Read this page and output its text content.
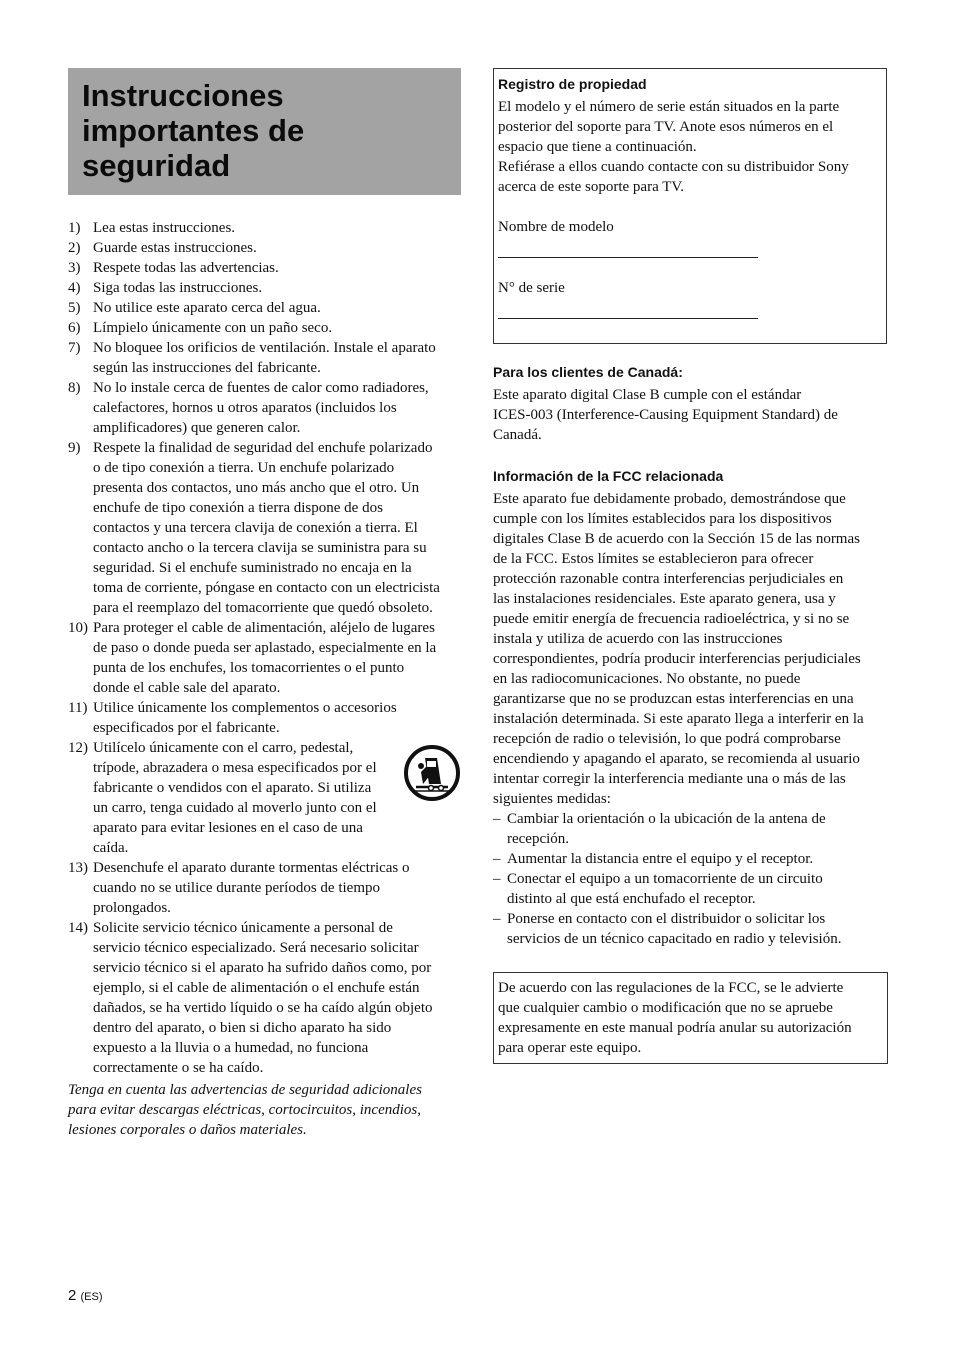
Instrucciones
importantes de
seguridad
1) Lea estas instrucciones.
2) Guarde estas instrucciones.
3) Respete todas las advertencias.
4) Siga todas las instrucciones.
5) No utilice este aparato cerca del agua.
6) Límpielo únicamente con un paño seco.
7) No bloquee los orificios de ventilación. Instale el aparato
según las instrucciones del fabricante.
8) No lo instale cerca de fuentes de calor como radiadores,
calefactores, hornos u otros aparatos (incluidos los
amplificadores) que generen calor.
9) Respete la finalidad de seguridad del enchufe polarizado
o de tipo conexión a tierra. Un enchufe polarizado
presenta dos contactos, uno más ancho que el otro. Un
enchufe de tipo conexión a tierra dispone de dos
contactos y una tercera clavija de conexión a tierra. El
contacto ancho o la tercera clavija se suministra para su
seguridad. Si el enchufe suministrado no encaja en la
toma de corriente, póngase en contacto con un electricista
para el reemplazo del tomacorriente que quedó obsoleto.
10) Para proteger el cable de alimentación, aléjelo de lugares
de paso o donde pueda ser aplastado, especialmente en la
punta de los enchufes, los tomacorrientes o el punto
donde el cable sale del aparato.
11) Utilice únicamente los complementos o accesorios
especificados por el fabricante.
12) Utilícelo únicamente con el carro, pedestal,
trípode, abrazadera o mesa especificados por el
fabricante o vendidos con el aparato. Si utiliza
un carro, tenga cuidado al moverlo junto con el
aparato para evitar lesiones en el caso de una caída.
13) Desenchufe el aparato durante tormentas eléctricas o
cuando no se utilice durante períodos de tiempo
prolongados.
14) Solicite servicio técnico únicamente a personal de
servicio técnico especializado. Será necesario solicitar
servicio técnico si el aparato ha sufrido daños como, por
ejemplo, si el cable de alimentación o el enchufe están
dañados, se ha vertido líquido o se ha caído algún objeto
dentro del aparato, o bien si dicho aparato ha sido
expuesto a la lluvia o a humedad, no funciona
correctamente o se ha caído.

Tenga en cuenta las advertencias de seguridad adicionales
para evitar descargas eléctricas, cortocircuitos, incendios,
lesiones corporales o daños materiales.

Registro de propiedad

El modelo y el número de serie están situados en la parte
posterior del soporte para TV. Anote esos números en el
espacio que tiene a continuación.
Refiérase a ellos cuando contacte con su distribuidor Sony
acerca de este soporte para TV.

Nombre de modelo

N° de serie

Para los clientes de Canadá:

Este aparato digital Clase B cumple con el estándar
ICES-003 (Interference-Causing Equipment Standard) de
Canadá.

Información de la FCC relacionada

Este aparato fue debidamente probado, demostrándose que
cumple con los límites establecidos para los dispositivos
digitales Clase B de acuerdo con la Sección 15 de las normas
de la FCC. Estos límites se establecieron para ofrecer
protección razonable contra interferencias perjudiciales en
las instalaciones residenciales. Este aparato genera, usa y
puede emitir energía de frecuencia radioeléctrica, y si no se
instala y utiliza de acuerdo con las instrucciones
correspondientes, podría producir interferencias perjudiciales
en las radiocomunicaciones. No obstante, no puede
garantizarse que no se produzcan estas interferencias en una
instalación determinada. Si este aparato llega a interferir en la
recepción de radio o televisión, lo que podrá comprobarse
encendiendo y apagando el aparato, se recomienda al usuario
intentar corregir la interferencia mediante una o más de las
siguientes medidas:

– Cambiar la orientación o la ubicación de la antena de
recepción.
– Aumentar la distancia entre el equipo y el receptor.
– Conectar el equipo a un tomacorriente de un circuito
distinto al que está enchufado el receptor.
– Ponerse en contacto con el distribuidor o solicitar los
servicios de un técnico capacitado en radio y televisión.

De acuerdo con las regulaciones de la FCC, se le advierte
que cualquier cambio o modificación que no se apruebe
expresamente en este manual podría anular su autorización
para operar este equipo.

2 (ES)
